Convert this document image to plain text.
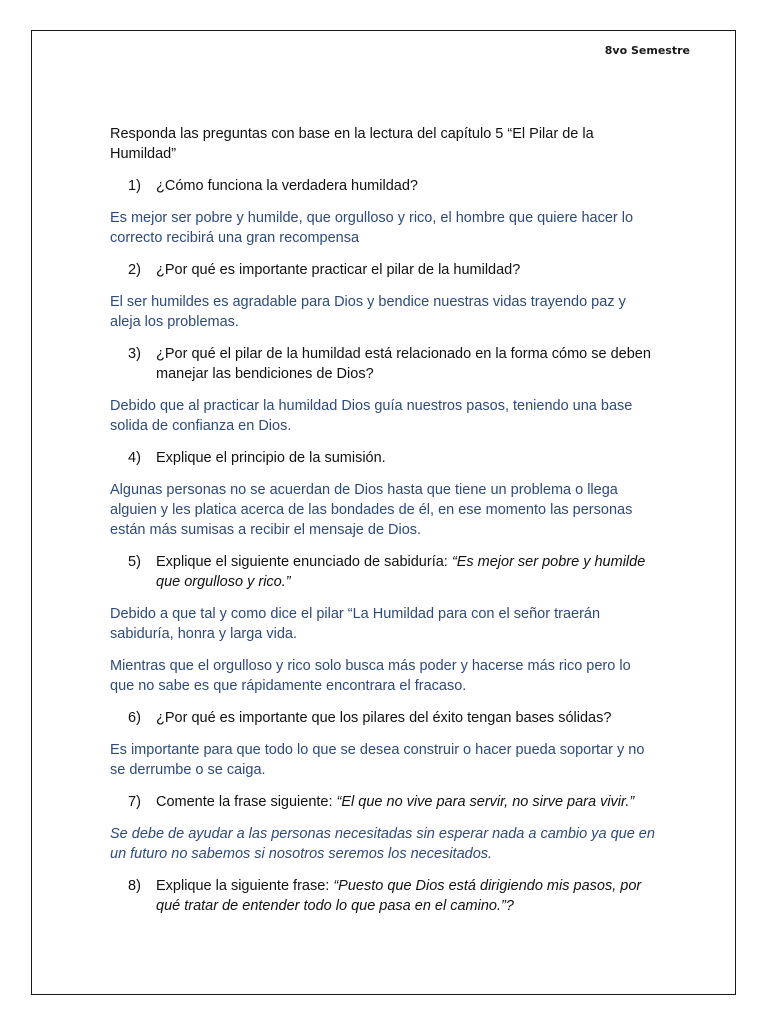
8vo Semestre

Responda las preguntas con base en la lectura del capítulo 5 “El Pilar de la Humildad”

1)	¿Cómo funciona la verdadera humildad?

Es mejor ser pobre y humilde, que orgulloso y rico, el hombre que quiere hacer lo correcto recibirá una gran recompensa

2)	¿Por qué es importante practicar el pilar de la humildad?

El ser humildes es agradable para Dios y bendice nuestras vidas trayendo paz y aleja los problemas.

3)	¿Por qué el pilar de la humildad está relacionado en la forma cómo se deben manejar las bendiciones de Dios?

Debido que al practicar la humildad Dios guía nuestros pasos, teniendo una base solida de confianza en Dios.

4)	Explique el principio de la sumisión.

Algunas personas no se acuerdan de Dios hasta que tiene un problema o llega alguien y les platica acerca de las bondades de él, en ese momento las personas están más sumisas a recibir el mensaje de Dios.

5)	Explique el siguiente enunciado de sabiduría: “Es mejor ser pobre y humilde que orgulloso y rico.”

Debido a que tal y como dice el pilar “La Humildad para con el señor traerán sabiduría, honra y larga vida.

Mientras que el orgulloso y rico solo busca más poder y hacerse más rico pero lo que no sabe es que rápidamente encontrara el fracaso.

6)	¿Por qué es importante que los pilares del éxito tengan bases sólidas?

Es importante para que todo lo que se desea construir o hacer pueda soportar y no se derrumbe o se caiga.

7)	Comente la frase siguiente: “El que no vive para servir, no sirve para vivir.”

Se debe de ayudar a las personas necesitadas sin esperar nada a cambio ya que en un futuro no sabemos si nosotros seremos los necesitados.

8)	Explique la siguiente frase: “Puesto que Dios está dirigiendo mis pasos, por qué tratar de entender todo lo que pasa en el camino.”?
